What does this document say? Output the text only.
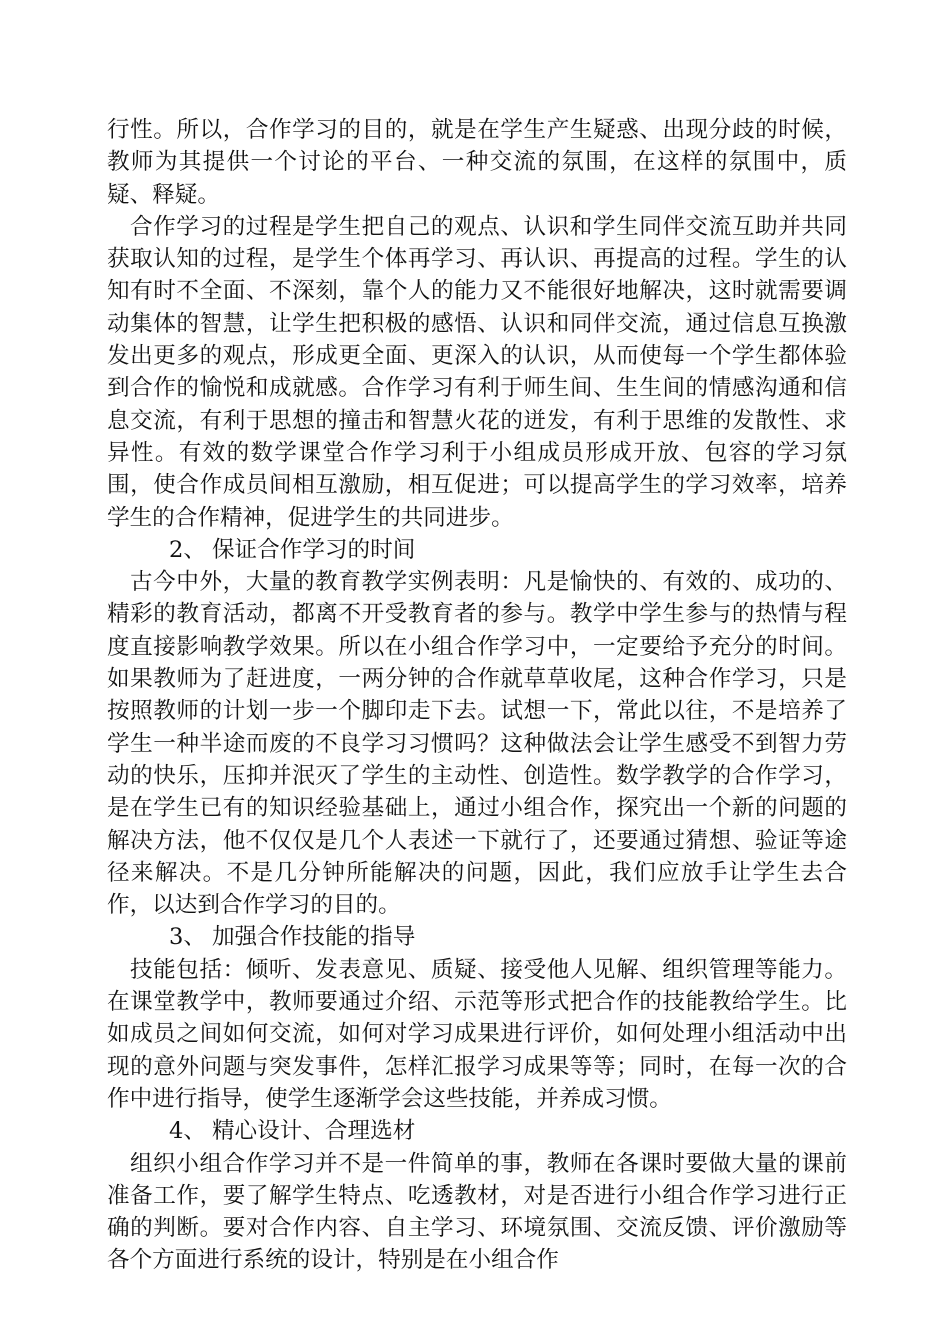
行性。所以，合作学习的目的，就是在学生产生疑惑、出现分歧的时候，教师为其提供一个讨论的平台、一种交流的氛围，在这样的氛围中，质疑、释疑。

合作学习的过程是学生把自己的观点、认识和学生同伴交流互助并共同获取认知的过程，是学生个体再学习、再认识、再提高的过程。学生的认知有时不全面、不深刻，靠个人的能力又不能很好地解决，这时就需要调动集体的智慧，让学生把积极的感悟、认识和同伴交流，通过信息互换激发出更多的观点，形成更全面、更深入的认识，从而使每一个学生都体验到合作的愉悦和成就感。合作学习有利于师生间、生生间的情感沟通和信息交流，有利于思想的撞击和智慧火花的迸发，有利于思维的发散性、求异性。有效的数学课堂合作学习利于小组成员形成开放、包容的学习氛围，使合作成员间相互激励，相互促进；可以提高学生的学习效率，培养学生的合作精神，促进学生的共同进步。

2、 保证合作学习的时间

古今中外，大量的教育教学实例表明：凡是愉快的、有效的、成功的、精彩的教育活动，都离不开受教育者的参与。教学中学生参与的热情与程度直接影响教学效果。所以在小组合作学习中，一定要给予充分的时间。如果教师为了赶进度，一两分钟的合作就草草收尾，这种合作学习，只是按照教师的计划一步一个脚印走下去。试想一下，常此以往，不是培养了学生一种半途而废的不良学习习惯吗？这种做法会让学生感受不到智力劳动的快乐，压抑并泯灭了学生的主动性、创造性。数学教学的合作学习，是在学生已有的知识经验基础上，通过小组合作，探究出一个新的问题的解决方法，他不仅仅是几个人表述一下就行了，还要通过猜想、验证等途径来解决。不是几分钟所能解决的问题，因此，我们应放手让学生去合作，以达到合作学习的目的。

3、 加强合作技能的指导

技能包括：倾听、发表意见、质疑、接受他人见解、组织管理等能力。在课堂教学中，教师要通过介绍、示范等形式把合作的技能教给学生。比如成员之间如何交流，如何对学习成果进行评价，如何处理小组活动中出现的意外问题与突发事件，怎样汇报学习成果等等；同时，在每一次的合作中进行指导，使学生逐渐学会这些技能，并养成习惯。

4、 精心设计、合理选材

组织小组合作学习并不是一件简单的事，教师在各课时要做大量的课前准备工作，要了解学生特点、吃透教材，对是否进行小组合作学习进行正确的判断。要对合作内容、自主学习、环境氛围、交流反馈、评价激励等各个方面进行系统的设计，特别是在小组合作
